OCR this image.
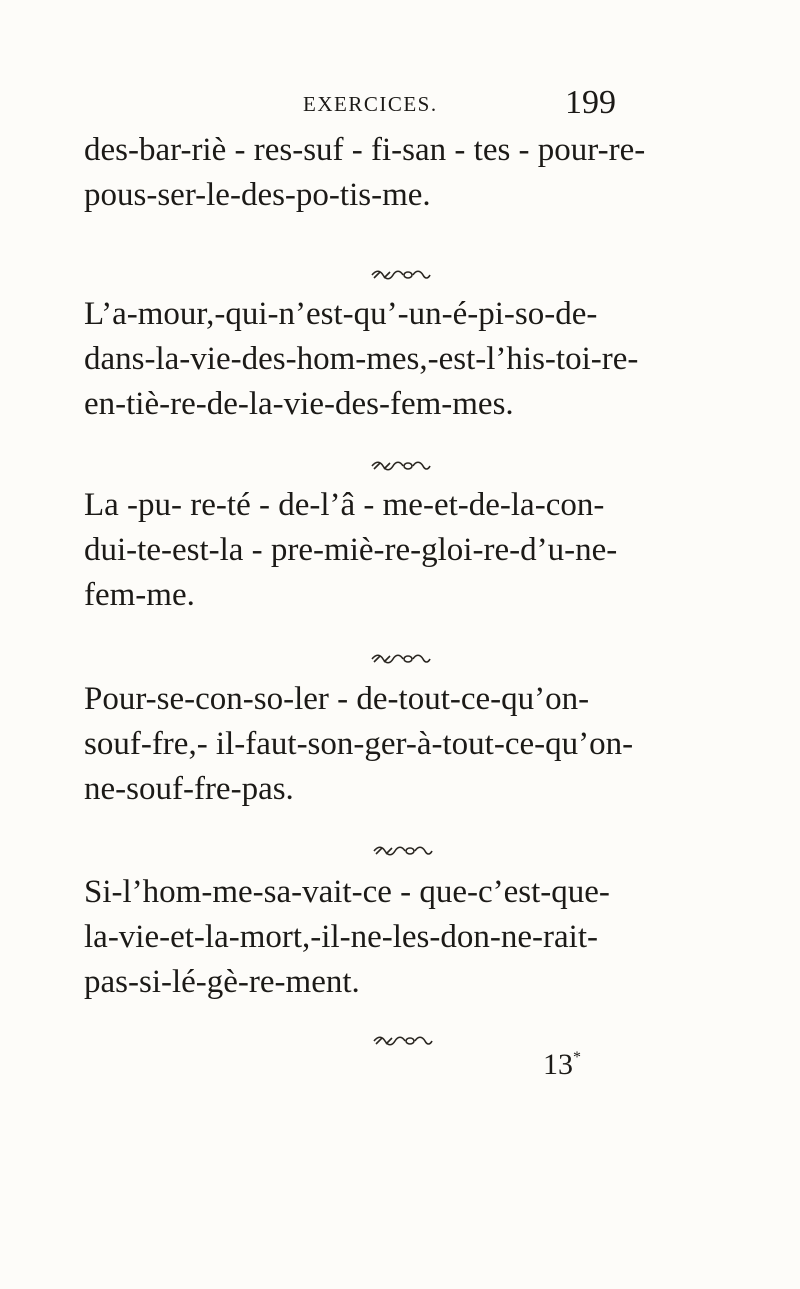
EXERCICES.	199

des-bar-riè - res-suf - fi-san - tes - pour-re-
pous-ser-le-des-po-tis-me.

L’a-mour,-qui-n’est-qu’-un-é-pi-so-de-
dans-la-vie-des-hom-mes,-est-l’his-toi-re-
en-tiè-re-de-la-vie-des-fem-mes.

La -pu- re-té - de-l’â - me-et-de-la-con-
dui-te-est-la - pre-miè-re-gloi-re-d’u-ne-
fem-me.

Pour-se-con-so-ler - de-tout-ce-qu’on-
souf-fre,- il-faut-son-ger-à-tout-ce-qu’on-
ne-souf-fre-pas.

Si-l’hom-me-sa-vait-ce - que-c’est-que-
la-vie-et-la-mort,-il-ne-les-don-ne-rait-
pas-si-lé-gè-re-ment.

13*
